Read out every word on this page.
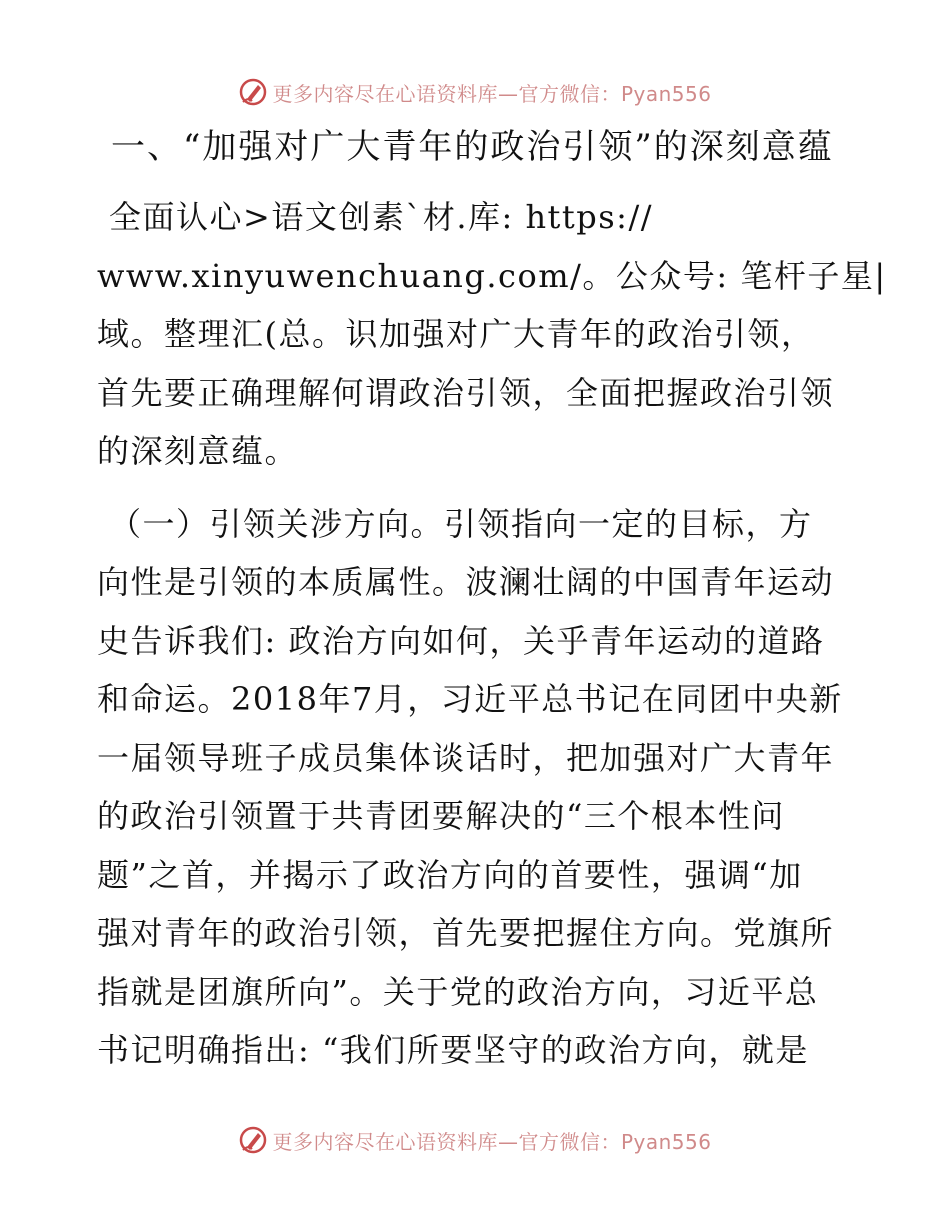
更多内容尽在心语资料库—官方微信：Pyan556
一、“加强对广大青年的政治引领”的深刻意蕴

全面认心>语文创素`材.库: https://
www.xinyuwenchuang.com/。公众号: 笔杆子星|
域。整理汇(总。识加强对广大青年的政治引领，
首先要正确理解何谓政治引领，全面把握政治引领
的深刻意蕴。

（一）引领关涉方向。引领指向一定的目标，方
向性是引领的本质属性。波澜壮阔的中国青年运动
史告诉我们: 政治方向如何，关乎青年运动的道路
和命运。2018年7月，习近平总书记在同团中央新
一届领导班子成员集体谈话时，把加强对广大青年
的政治引领置于共青团要解决的“三个根本性问
题”之首，并揭示了政治方向的首要性，强调“加
强对青年的政治引领，首先要把握住方向。党旗所
指就是团旗所向”。关于党的政治方向，习近平总
书记明确指出: “我们所要坚守的政治方向，就是

更多内容尽在心语资料库—官方微信：Pyan556
